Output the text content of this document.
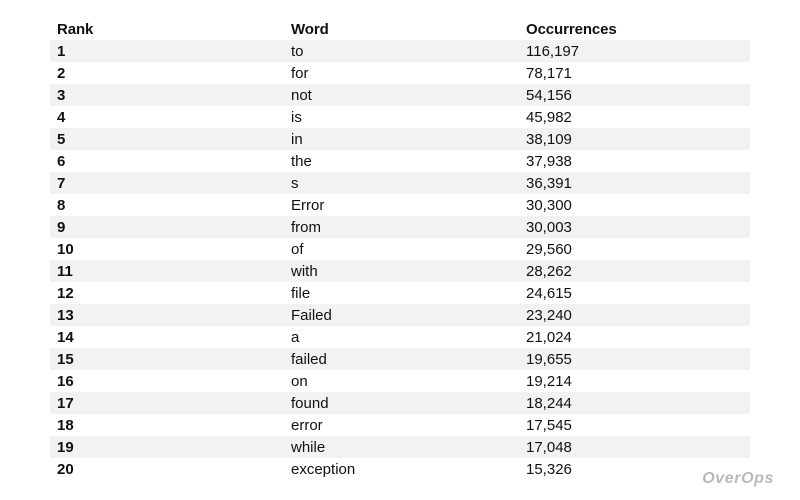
Rank	Word	Occurrences
1	to	116,197
2	for	78,171
3	not	54,156
4	is	45,982
5	in	38,109
6	the	37,938
7	s	36,391
8	Error	30,300
9	from	30,003
10	of	29,560
11	with	28,262
12	file	24,615
13	Failed	23,240
14	a	21,024
15	failed	19,655
16	on	19,214
17	found	18,244
18	error	17,545
19	while	17,048
20	exception	15,326
OverOps
